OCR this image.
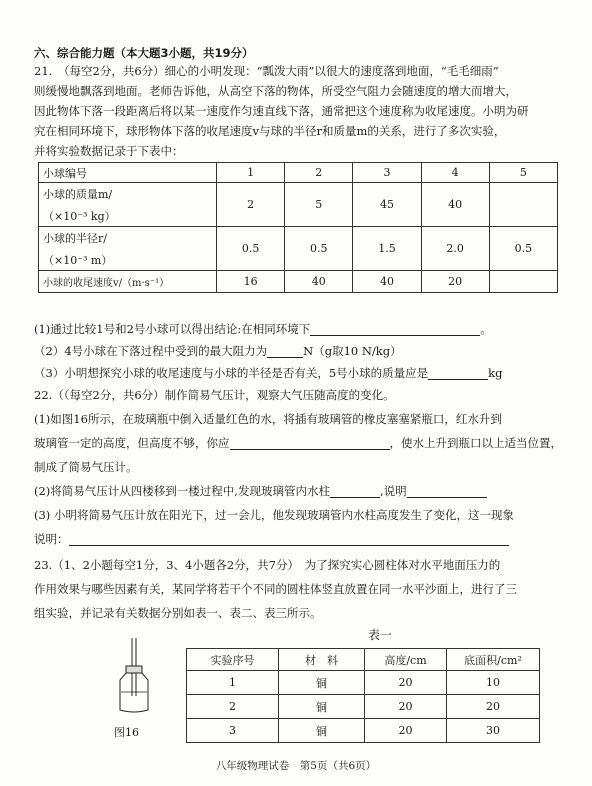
六、综合能力题（本大题3小题，共19分）
21.　（每空2分，共6分）细心的小明发现：“瓢泼大雨”以很大的速度落到地面，“毛毛细雨”
则缓慢地飘落到地面。老师告诉他，从高空下落的物体，所受空气阻力会随速度的增大而增大，
因此物体下落一段距离后将以某一速度作匀速直线下落，通常把这个速度称为收尾速度。小明为研
究在相同环境下，球形物体下落的收尾速度v与球的半径r和质量m的关系，进行了多次实验，
并将实验数据记录于下表中：
小球编号	1	2	3	4	5

小球的质量m/
（×10⁻³ kg）	2	5	45	40	

小球的半径r/
（×10⁻³ m）	0.5	0.5	1.5	2.0	0.5
小球的收尾速度v/（m·s⁻¹）	16	40	40	20	
(1)通过比较1号和2号小球可以得出结论:在相同环境下	。
（2）4号小球在下落过程中受到的最大阻力为	N（g取10 N/kg）
（3）小明想探究小球的收尾速度与小球的半径是否有关，5号小球的质量应是	kg
22.（（每空2分，共6分）制作简易气压计，观察大气压随高度的变化。
(1)如图16所示，在玻璃瓶中倒入适量红色的水，将插有玻璃管的橡皮塞塞紧瓶口，红水升到
玻璃管一定的高度，但高度不够，你应	，使水上升到瓶口以上适当位置，
制成了简易气压计。
(2)将简易气压计从四楼移到一楼过程中,发现玻璃管内水柱	,说明
(3) 小明将简易气压计放在阳光下，过一会儿，他发现玻璃管内水柱高度发生了变化，这一现象
说明：
23.（1、2小题每空1分，3、4小题各2分，共7分）　为了探究实心圆柱体对水平地面压力的
作用效果与哪些因素有关，某同学将若干个不同的圆柱体竖直放置在同一水平沙面上，进行了三
组实验，并记录有关数据分别如表一、表二、表三所示。
图16
表一
实验序号	材　料	高度/cm	底面积/cm²
1	铜	20	10
2	铜	20	20
3	铜	20	30
八年级物理试卷　第5页（共6页）
